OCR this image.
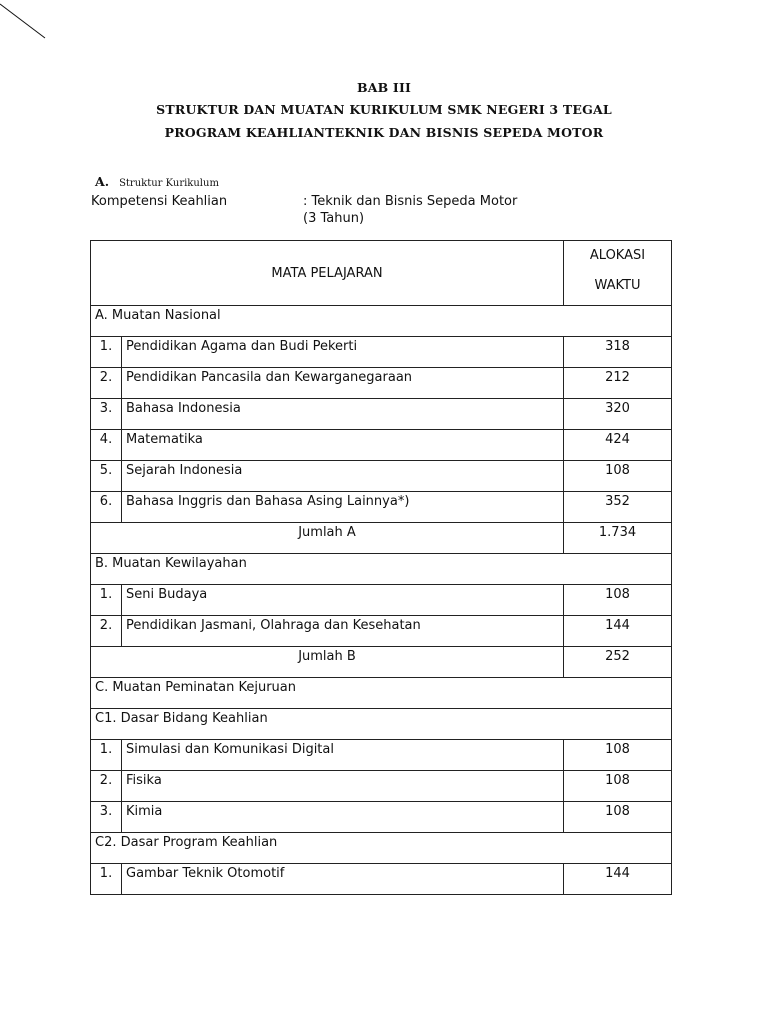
BAB III
STRUKTUR DAN MUATAN KURIKULUM SMK NEGERI 3 TEGAL
PROGRAM KEAHLIANTEKNIK DAN BISNIS SEPEDA MOTOR
A. Struktur Kurikulum
Kompetensi Keahlian	: Teknik dan Bisnis Sepeda Motor
(3 Tahun)
MATA PELAJARAN		ALOKASI
WAKTU

A. Muatan Nasional		
1.	Pendidikan Agama dan Budi Pekerti	318
2.	Pendidikan Pancasila dan Kewarganegaraan	212
3.	Bahasa Indonesia	320
4.	Matematika	424
5.	Sejarah Indonesia	108
6.	Bahasa Inggris dan Bahasa Asing Lainnya*)	352
Jumlah A		1.734
B. Muatan Kewilayahan		
1.	Seni Budaya	108
2.	Pendidikan Jasmani, Olahraga dan Kesehatan	144
Jumlah B		252
C. Muatan Peminatan Kejuruan		
C1. Dasar Bidang Keahlian		
1.	Simulasi dan Komunikasi Digital	108
2.	Fisika	108
3.	Kimia	108
C2. Dasar Program Keahlian		
1.	Gambar Teknik Otomotif	144
